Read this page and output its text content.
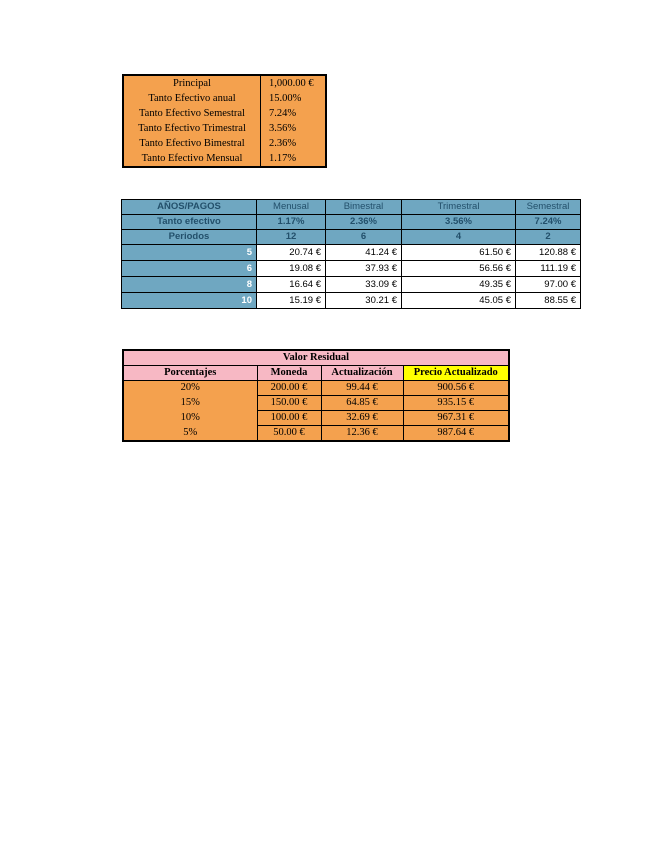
Principal	1,000.00 €
Tanto Efectivo anual	15.00%
Tanto Efectivo Semestral	7.24%
Tanto Efectivo Trimestral	3.56%
Tanto Efectivo Bimestral	2.36%
Tanto Efectivo Mensual	1.17%
AÑOS/PAGOS	Menusal	Bimestral	Trimestral	Semestral
Tanto efectivo	1.17%	2.36%	3.56%	7.24%
Periodos	12	6	4	2
5	20.74 €	41.24 €	61.50 €	120.88 €
6	19.08 €	37.93 €	56.56 €	111.19 €
8	16.64 €	33.09 €	49.35 €	97.00 €
10	15.19 €	30.21 €	45.05 €	88.55 €
Valor Residual			
Porcentajes	Moneda	Actualización	Precio Actualizado
20%	200.00 €	99.44 €	900.56 €
15%	150.00 €	64.85 €	935.15 €
10%	100.00 €	32.69 €	967.31 €
5%	50.00 €	12.36 €	987.64 €
